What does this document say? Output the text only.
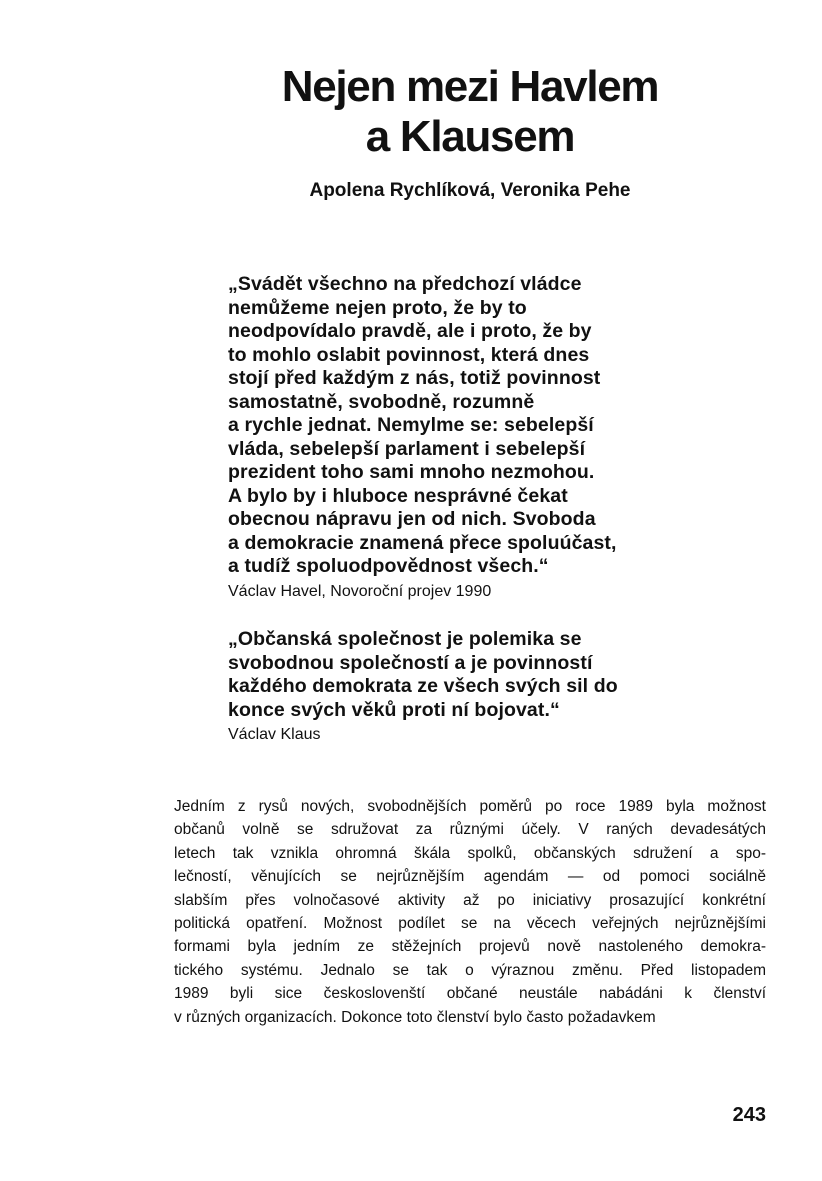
Nejen mezi Havlem
a Klausem
Apolena Rychlíková, Veronika Pehe
„Svádět všechno na předchozí vládce
nemůžeme nejen proto, že by to
neodpovídalo pravdě, ale i proto, že by
to mohlo oslabit povinnost, která dnes
stojí před každým z nás, totiž povinnost
samostatně, svobodně, rozumně
a rychle jednat. Nemylme se: sebelepší
vláda, sebelepší parlament i sebelepší
prezident toho sami mnoho nezmohou.
A bylo by i hluboce nesprávné čekat
obecnou nápravu jen od nich. Svoboda
a demokracie znamená přece spoluúčast,
a tudíž spoluodpovědnost všech.“
Václav Havel, Novoroční projev 1990
„Občanská společnost je polemika se
svobodnou společností a je povinností
každého demokrata ze všech svých sil do
konce svých věků proti ní bojovat.“
Václav Klaus
Jedním z rysů nových, svobodnějších poměrů po roce 1989 byla možnost
občanů volně se sdružovat za různými účely. V raných devadesátých
letech tak vznikla ohromná škála spolků, občanských sdružení a spo-
lečností, věnujících se nejrůznějším agendám — od pomoci sociálně
slabším přes volnočasové aktivity až po iniciativy prosazující konkrétní
politická opatření. Možnost podílet se na věcech veřejných nejrůznějšími
formami byla jedním ze stěžejních projevů nově nastoleného demokra-
tického systému. Jednalo se tak o výraznou změnu. Před listopadem
1989 byli sice českoslovenští občané neustále nabádáni k členství
v různých organizacích. Dokonce toto členství bylo často požadavkem
243
